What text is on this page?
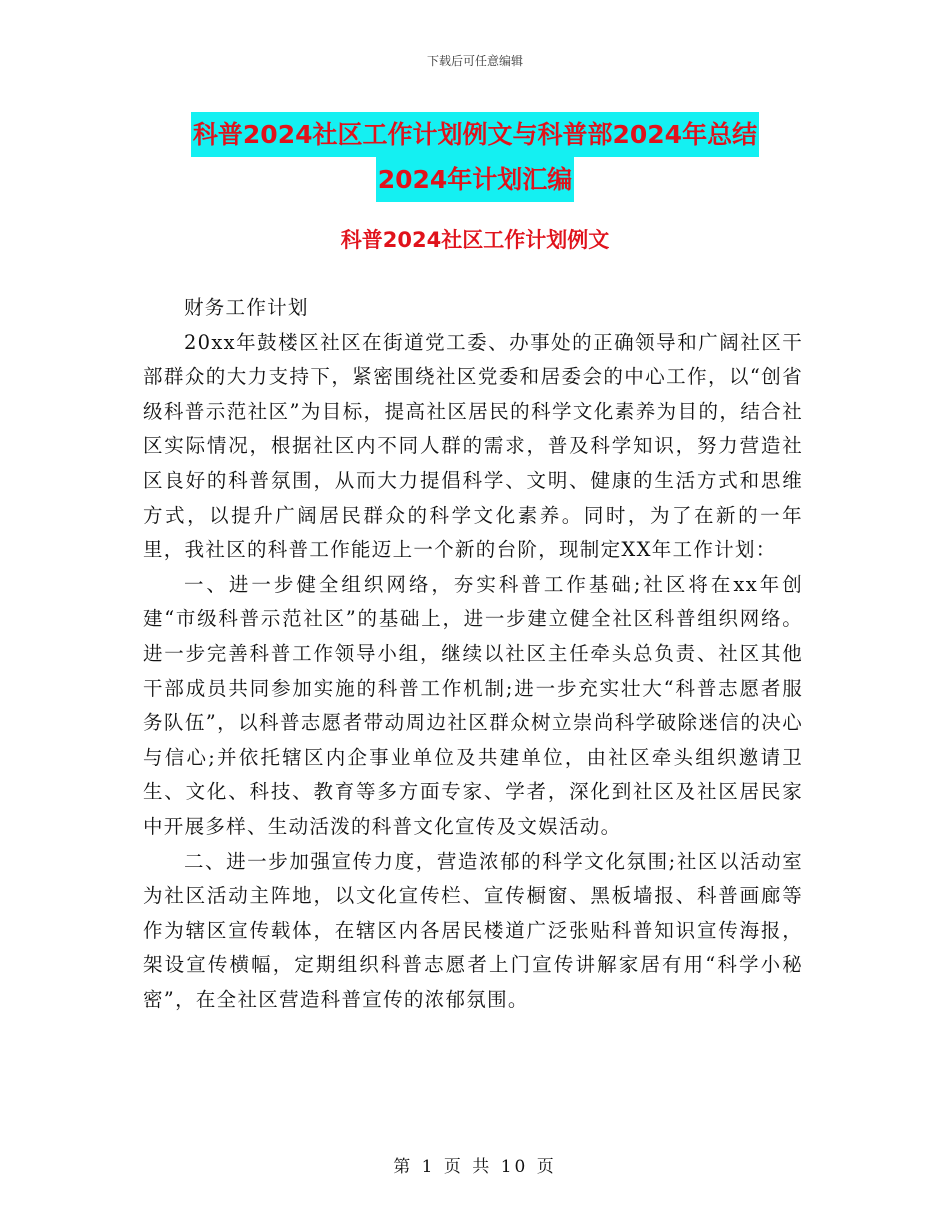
下载后可任意编辑
科普2024社区工作计划例文与科普部2024年总结
2024年计划汇编
科普2024社区工作计划例文

财务工作计划

20xx年鼓楼区社区在街道党工委、办事处的正确领导和广阔社区干部群众的大力支持下，紧密围绕社区党委和居委会的中心工作，以“创省级科普示范社区”为目标，提高社区居民的科学文化素养为目的，结合社区实际情况，根据社区内不同人群的需求，普及科学知识，努力营造社区良好的科普氛围，从而大力提倡科学、文明、健康的生活方式和思维方式，以提升广阔居民群众的科学文化素养。同时，为了在新的一年里，我社区的科普工作能迈上一个新的台阶，现制定XX年工作计划：

一、进一步健全组织网络，夯实科普工作基础;社区将在xx年创建“市级科普示范社区”的基础上，进一步建立健全社区科普组织网络。进一步完善科普工作领导小组，继续以社区主任牵头总负责、社区其他干部成员共同参加实施的科普工作机制;进一步充实壮大“科普志愿者服务队伍”，以科普志愿者带动周边社区群众树立崇尚科学破除迷信的决心与信心;并依托辖区内企事业单位及共建单位，由社区牵头组织邀请卫生、文化、科技、教育等多方面专家、学者，深化到社区及社区居民家中开展多样、生动活泼的科普文化宣传及文娱活动。

二、进一步加强宣传力度，营造浓郁的科学文化氛围;社区以活动室为社区活动主阵地，以文化宣传栏、宣传橱窗、黑板墙报、科普画廊等作为辖区宣传载体，在辖区内各居民楼道广泛张贴科普知识宣传海报，架设宣传横幅，定期组织科普志愿者上门宣传讲解家居有用“科学小秘密”，在全社区营造科普宣传的浓郁氛围。

第 1 页 共 10 页
